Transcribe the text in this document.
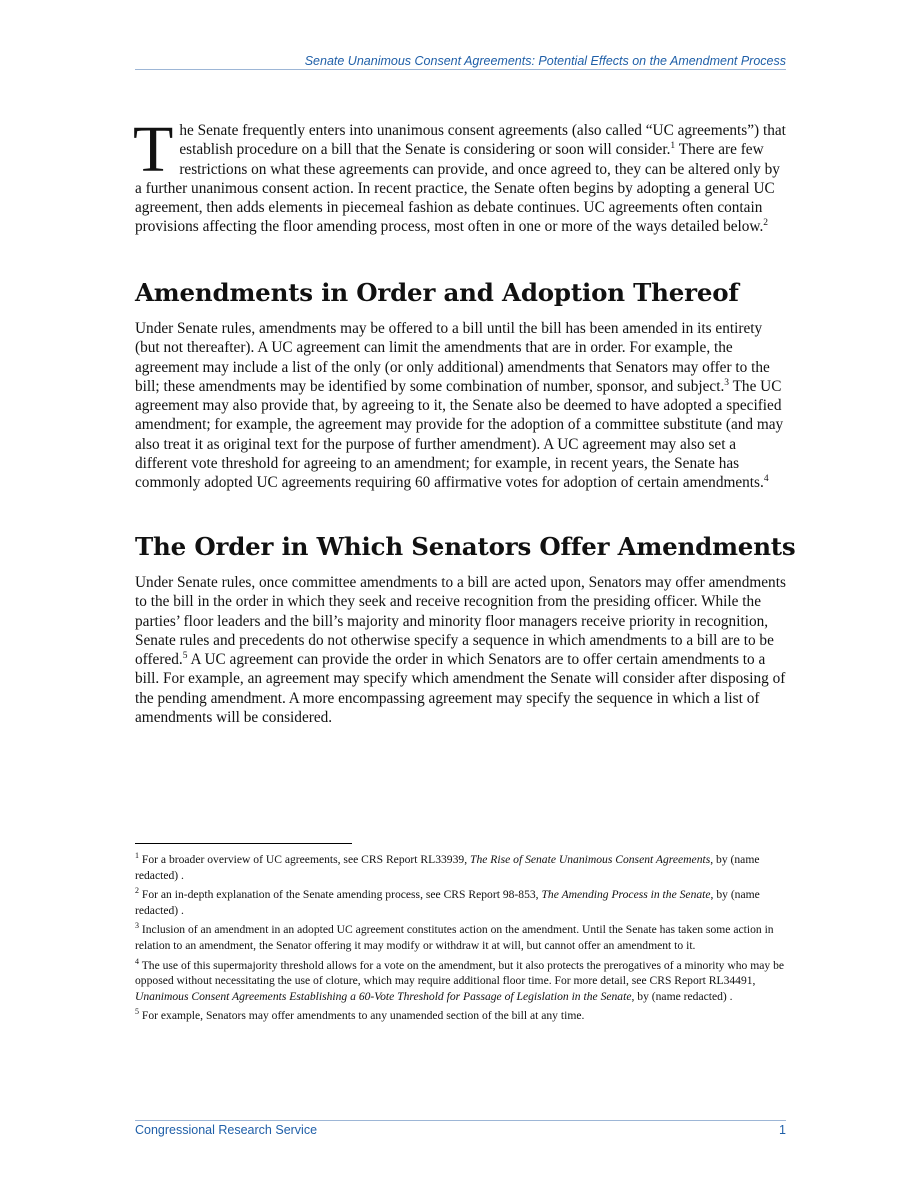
Senate Unanimous Consent Agreements: Potential Effects on the Amendment Process
T he Senate frequently enters into unanimous consent agreements (also called “UC agreements”) that establish procedure on a bill that the Senate is considering or soon will consider.$^1$ There are few restrictions on what these agreements can provide, and once agreed to, they can be altered only by a further unanimous consent action. In recent practice, the Senate often begins by adopting a general UC agreement, then adds elements in piecemeal fashion as debate continues. UC agreements often contain provisions affecting the floor amending process, most often in one or more of the ways detailed below.$^2$
Amendments in Order and Adoption Thereof
Under Senate rules, amendments may be offered to a bill until the bill has been amended in its entirety (but not thereafter). A UC agreement can limit the amendments that are in order. For example, the agreement may include a list of the only (or only additional) amendments that Senators may offer to the bill; these amendments may be identified by some combination of number, sponsor, and subject.$^3$ The UC agreement may also provide that, by agreeing to it, the Senate also be deemed to have adopted a specified amendment; for example, the agreement may provide for the adoption of a committee substitute (and may also treat it as original text for the purpose of further amendment). A UC agreement may also set a different vote threshold for agreeing to an amendment; for example, in recent years, the Senate has commonly adopted UC agreements requiring 60 affirmative votes for adoption of certain amendments.$^4$
The Order in Which Senators Offer Amendments
Under Senate rules, once committee amendments to a bill are acted upon, Senators may offer amendments to the bill in the order in which they seek and receive recognition from the presiding officer. While the parties’ floor leaders and the bill’s majority and minority floor managers receive priority in recognition, Senate rules and precedents do not otherwise specify a sequence in which amendments to a bill are to be offered.$^5$ A UC agreement can provide the order in which Senators are to offer certain amendments to a bill. For example, an agreement may specify which amendment the Senate will consider after disposing of the pending amendment. A more encompassing agreement may specify the sequence in which a list of amendments will be considered.

$^1$ For a broader overview of UC agreements, see CRS Report RL33939, The Rise of Senate Unanimous Consent Agreements, by (name redacted) .

$^2$ For an in-depth explanation of the Senate amending process, see CRS Report 98-853, The Amending Process in the Senate, by (name redacted) .

$^3$ Inclusion of an amendment in an adopted UC agreement constitutes action on the amendment. Until the Senate has taken some action in relation to an amendment, the Senator offering it may modify or withdraw it at will, but cannot offer an amendment to it.

$^4$ The use of this supermajority threshold allows for a vote on the amendment, but it also protects the prerogatives of a minority who may be opposed without necessitating the use of cloture, which may require additional floor time. For more detail, see CRS Report RL34491, Unanimous Consent Agreements Establishing a 60-Vote Threshold for Passage of Legislation in the Senate, by (name redacted) .

$^5$ For example, Senators may offer amendments to any unamended section of the bill at any time.

Congressional Research Service	1
